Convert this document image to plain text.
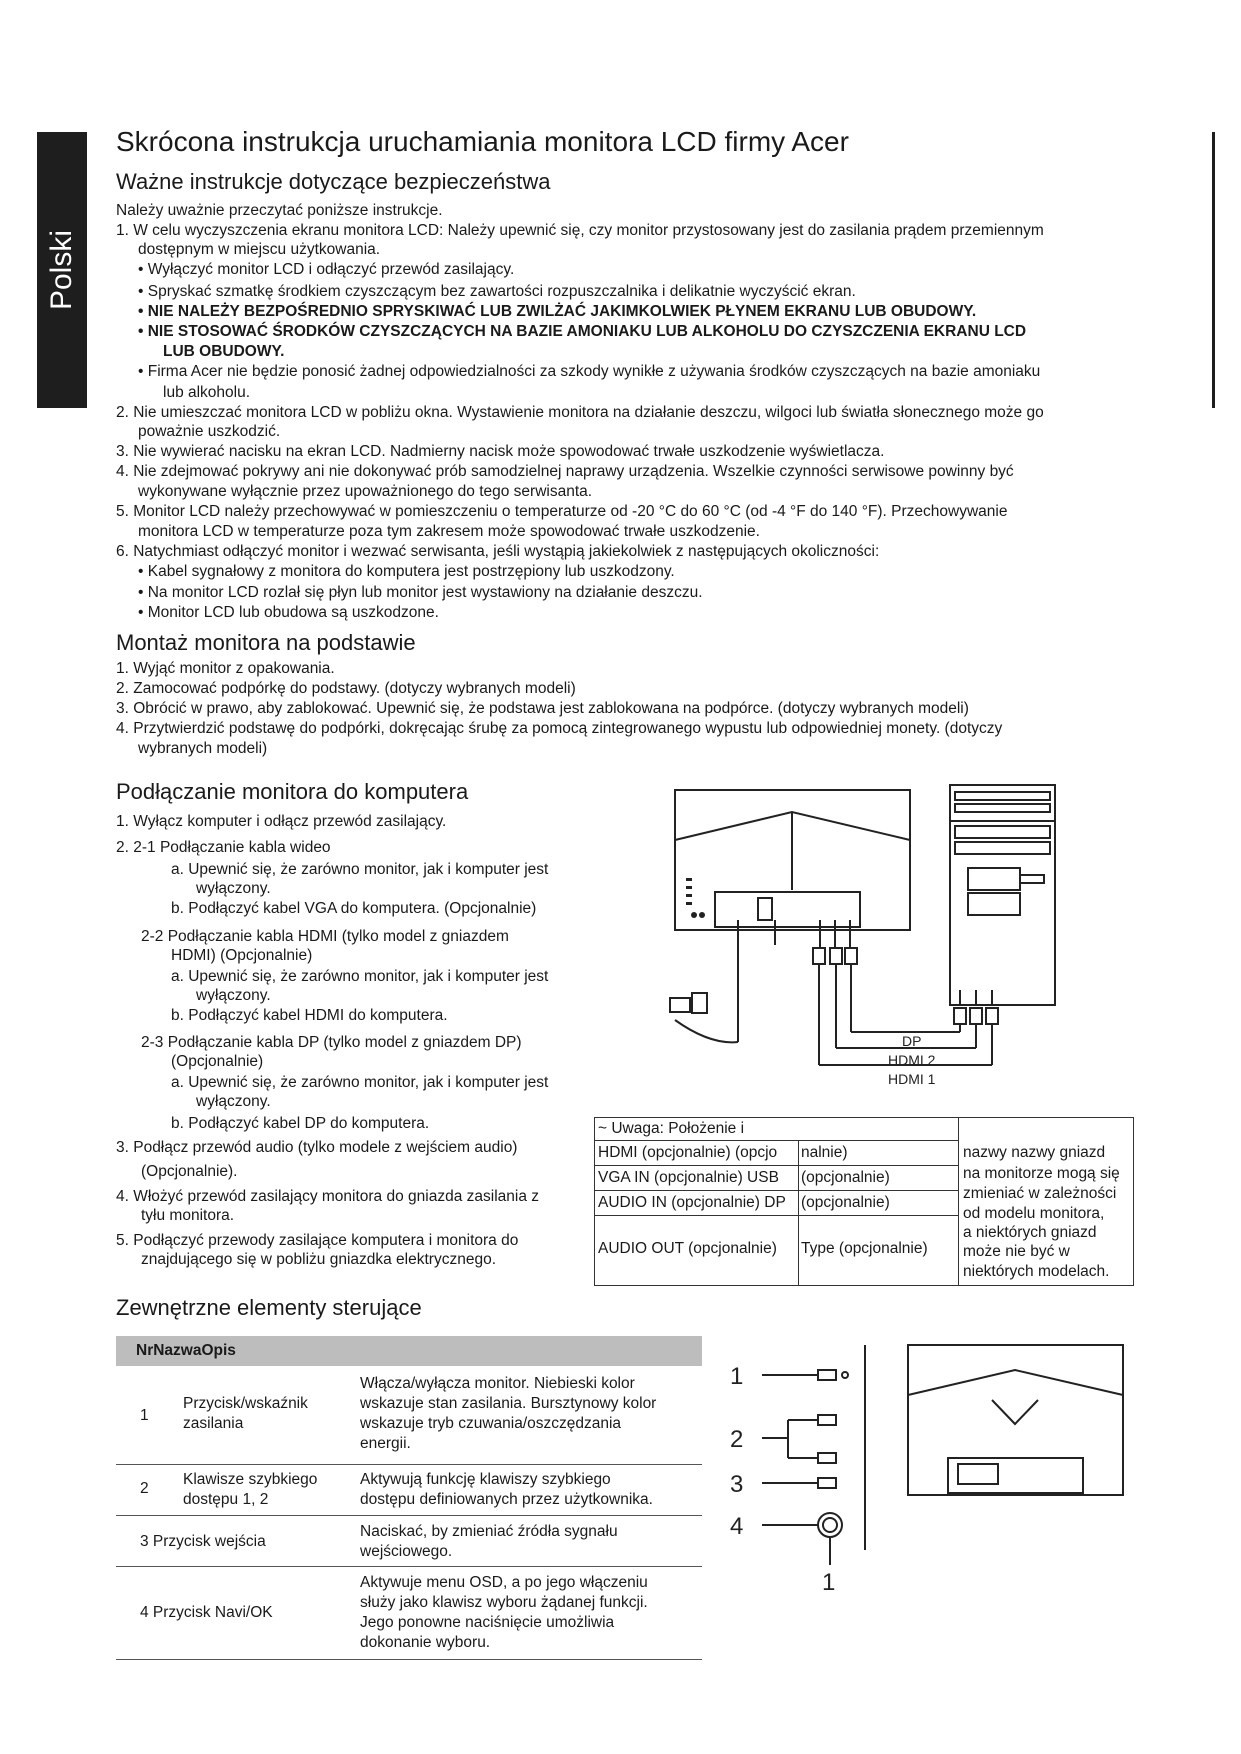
Polski
Skrócona instrukcja uruchamiania monitora LCD firmy Acer
Ważne instrukcje dotyczące bezpieczeństwa
Należy uważnie przeczytać poniższe instrukcje.
1. W celu wyczyszczenia ekranu monitora LCD: Należy upewnić się, czy monitor przystosowany jest do zasilania prądem przemiennym
dostępnym w miejscu użytkowania.
• Wyłączyć monitor LCD i odłączyć przewód zasilający.
• Spryskać szmatkę środkiem czyszczącym bez zawartości rozpuszczalnika i delikatnie wyczyścić ekran.
• NIE NALEŻY BEZPOŚREDNIO SPRYSKIWAĆ LUB ZWILŻAĆ JAKIMKOLWIEK PŁYNEM EKRANU LUB OBUDOWY.
• NIE STOSOWAĆ ŚRODKÓW CZYSZCZĄCYCH NA BAZIE AMONIAKU LUB ALKOHOLU DO CZYSZCZENIA EKRANU LCD
LUB OBUDOWY.
• Firma Acer nie będzie ponosić żadnej odpowiedzialności za szkody wynikłe z używania środków czyszczących na bazie amoniaku
lub alkoholu.
2. Nie umieszczać monitora LCD w pobliżu okna. Wystawienie monitora na działanie deszczu, wilgoci lub światła słonecznego może go
poważnie uszkodzić.
3. Nie wywierać nacisku na ekran LCD. Nadmierny nacisk może spowodować trwałe uszkodzenie wyświetlacza.
4. Nie zdejmować pokrywy ani nie dokonywać prób samodzielnej naprawy urządzenia. Wszelkie czynności serwisowe powinny być
wykonywane wyłącznie przez upoważnionego do tego serwisanta.
5. Monitor LCD należy przechowywać w pomieszczeniu o temperaturze od -20 °C do 60 °C (od -4 °F do 140 °F). Przechowywanie
monitora LCD w temperaturze poza tym zakresem może spowodować trwałe uszkodzenie.
6. Natychmiast odłączyć monitor i wezwać serwisanta, jeśli wystąpią jakiekolwiek z następujących okoliczności:
• Kabel sygnałowy z monitora do komputera jest postrzępiony lub uszkodzony.
• Na monitor LCD rozlał się płyn lub monitor jest wystawiony na działanie deszczu.
• Monitor LCD lub obudowa są uszkodzone.
Montaż monitora na podstawie
1. Wyjąć monitor z opakowania.
2. Zamocować podpórkę do podstawy. (dotyczy wybranych modeli)
3. Obrócić w prawo, aby zablokować. Upewnić się, że podstawa jest zablokowana na podpórce. (dotyczy wybranych modeli)
4. Przytwierdzić podstawę do podpórki, dokręcając śrubę za pomocą zintegrowanego wypustu lub odpowiedniej monety. (dotyczy
wybranych modeli)
Podłączanie monitora do komputera
1. Wyłącz komputer i odłącz przewód zasilający.
2. 2-1 Podłączanie kabla wideo
a. Upewnić się, że zarówno monitor, jak i komputer jest
wyłączony.
b. Podłączyć kabel VGA do komputera. (Opcjonalnie)
2-2 Podłączanie kabla HDMI (tylko model z gniazdem
HDMI) (Opcjonalnie)
a. Upewnić się, że zarówno monitor, jak i komputer jest
wyłączony.
b. Podłączyć kabel HDMI do komputera.
2-3 Podłączanie kabla DP (tylko model z gniazdem DP)
(Opcjonalnie)
a. Upewnić się, że zarówno monitor, jak i komputer jest
wyłączony.
b. Podłączyć kabel DP do komputera.
3. Podłącz przewód audio (tylko modele z wejściem audio)
(Opcjonalnie).
4. Włożyć przewód zasilający monitora do gniazda zasilania z
tyłu monitora.
5. Podłączyć przewody zasilające komputera i monitora do
znajdującego się w pobliżu gniazdka elektrycznego.
DP
HDMI 2
HDMI 1
~ Uwaga: Położenie i
HDMI (opcjonalnie) (opcjo nalnie)
VGA IN (opcjonalnie) USB (opcjonalnie)
AUDIO IN (opcjonalnie) DP (opcjonalnie)
AUDIO OUT (opcjonalnie) Type (opcjonalnie)
nazwy nazwy gniazd
na monitorze mogą się
zmieniać w zależności
od modelu monitora,
a niektórych gniazd
może nie być w
niektórych modelach.
Zewnętrzne elementy sterujące
NrNazwaOpis
1
Przycisk/wskaźnik
zasilania
Włącza/wyłącza monitor. Niebieski kolor
wskazuje stan zasilania. Bursztynowy kolor
wskazuje tryb czuwania/oszczędzania
energii.
2
Klawisze szybkiego
dostępu 1, 2
Aktywują funkcję klawiszy szybkiego
dostępu definiowanych przez użytkownika.
3 Przycisk wejścia
Naciskać, by zmieniać źródła sygnału
wejściowego.
4 Przycisk Navi/OK
Aktywuje menu OSD, a po jego włączeniu
służy jako klawisz wyboru żądanej funkcji.
Jego ponowne naciśnięcie umożliwia
dokonanie wyboru.
1
2
3
4
1
